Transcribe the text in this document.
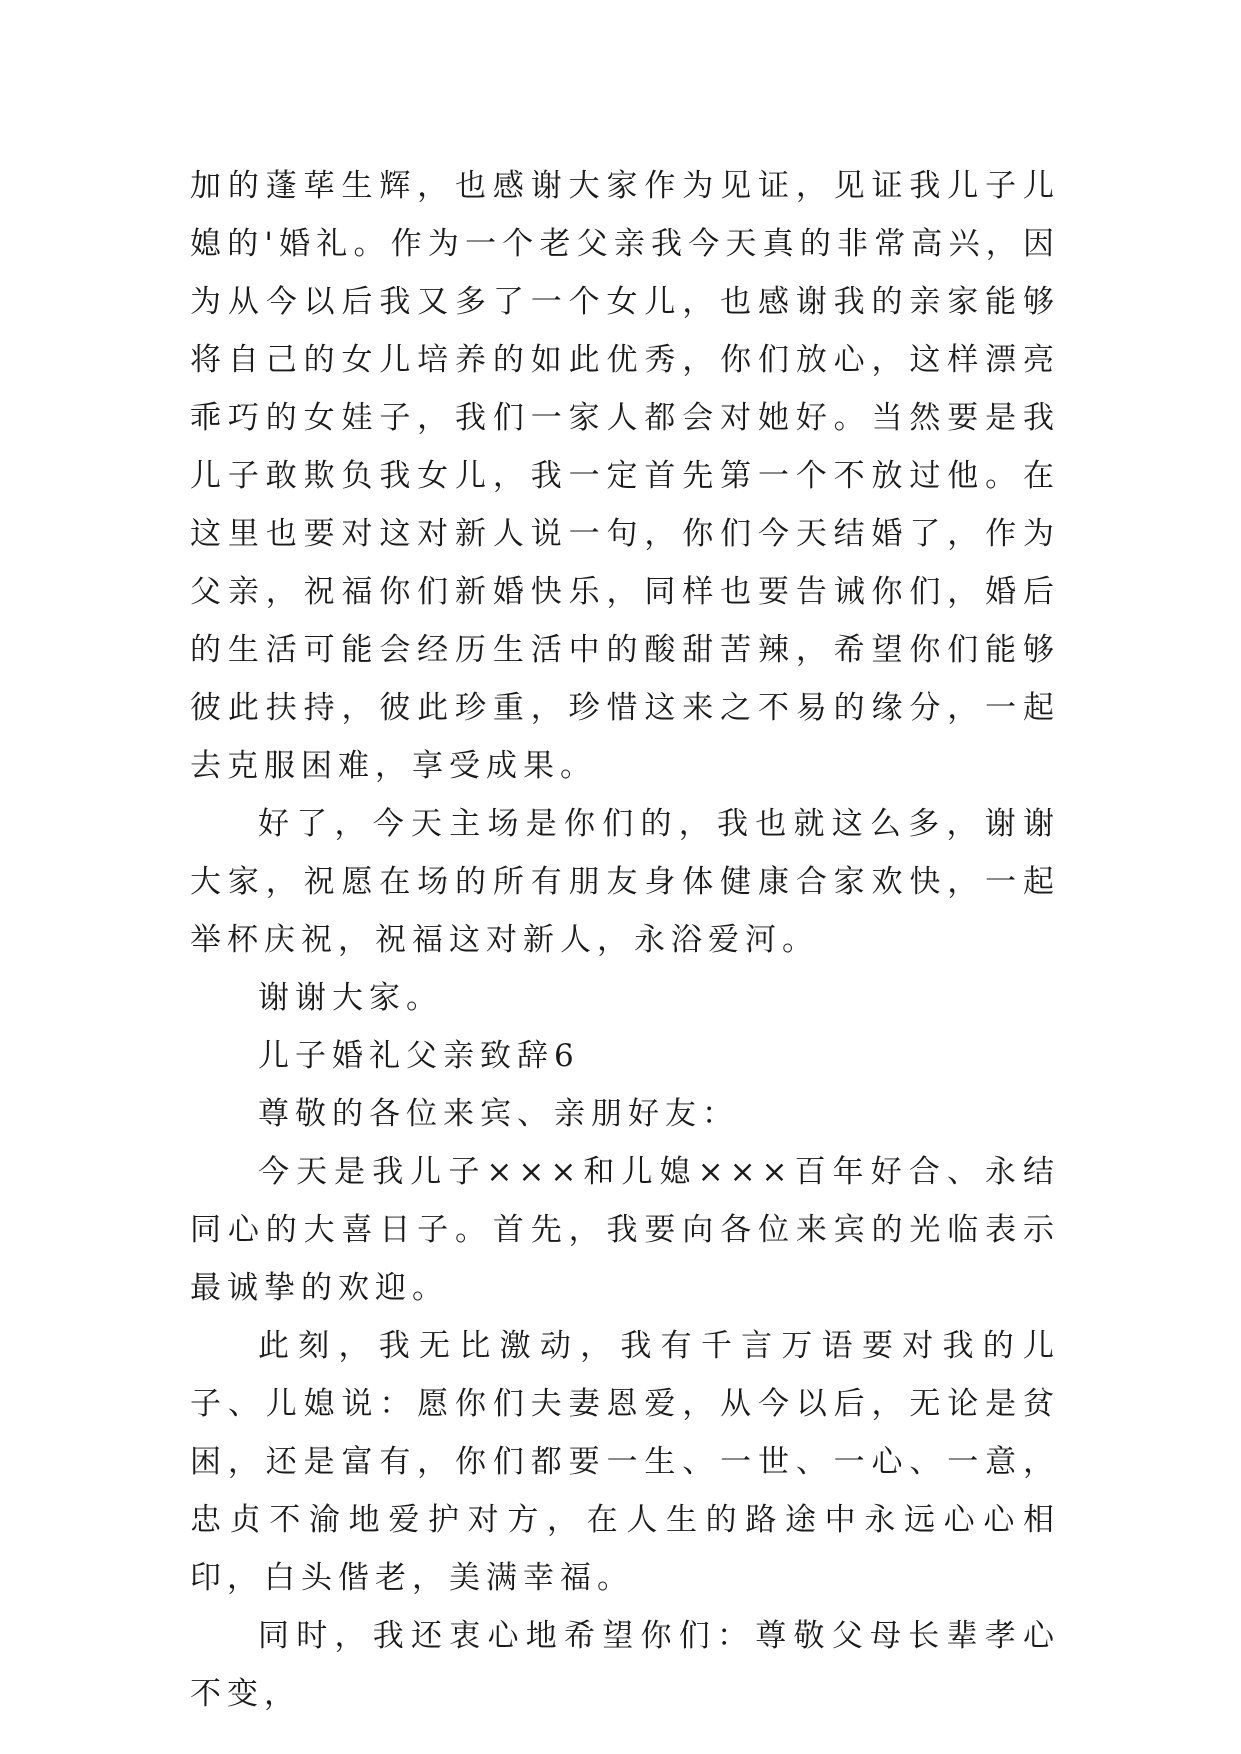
加的蓬荜生辉，也感谢大家作为见证，见证我儿子儿媳的'婚礼。作为一个老父亲我今天真的非常高兴，因为从今以后我又多了一个女儿，也感谢我的亲家能够将自己的女儿培养的如此优秀，你们放心，这样漂亮乖巧的女娃子，我们一家人都会对她好。当然要是我儿子敢欺负我女儿，我一定首先第一个不放过他。在这里也要对这对新人说一句，你们今天结婚了，作为父亲，祝福你们新婚快乐，同样也要告诫你们，婚后的生活可能会经历生活中的酸甜苦辣，希望你们能够彼此扶持，彼此珍重，珍惜这来之不易的缘分，一起去克服困难，享受成果。

好了，今天主场是你们的，我也就这么多，谢谢大家，祝愿在场的所有朋友身体健康合家欢快，一起举杯庆祝，祝福这对新人，永浴爱河。

谢谢大家。

儿子婚礼父亲致辞6

尊敬的各位来宾、亲朋好友：

今天是我儿子×××和儿媳×××百年好合、永结同心的大喜日子。首先，我要向各位来宾的光临表示最诚挚的欢迎。

此刻，我无比激动，我有千言万语要对我的儿子、儿媳说：愿你们夫妻恩爱，从今以后，无论是贫困，还是富有，你们都要一生、一世、一心、一意，忠贞不渝地爱护对方，在人生的路途中永远心心相印，白头偕老，美满幸福。

同时，我还衷心地希望你们：尊敬父母长辈孝心不变，
